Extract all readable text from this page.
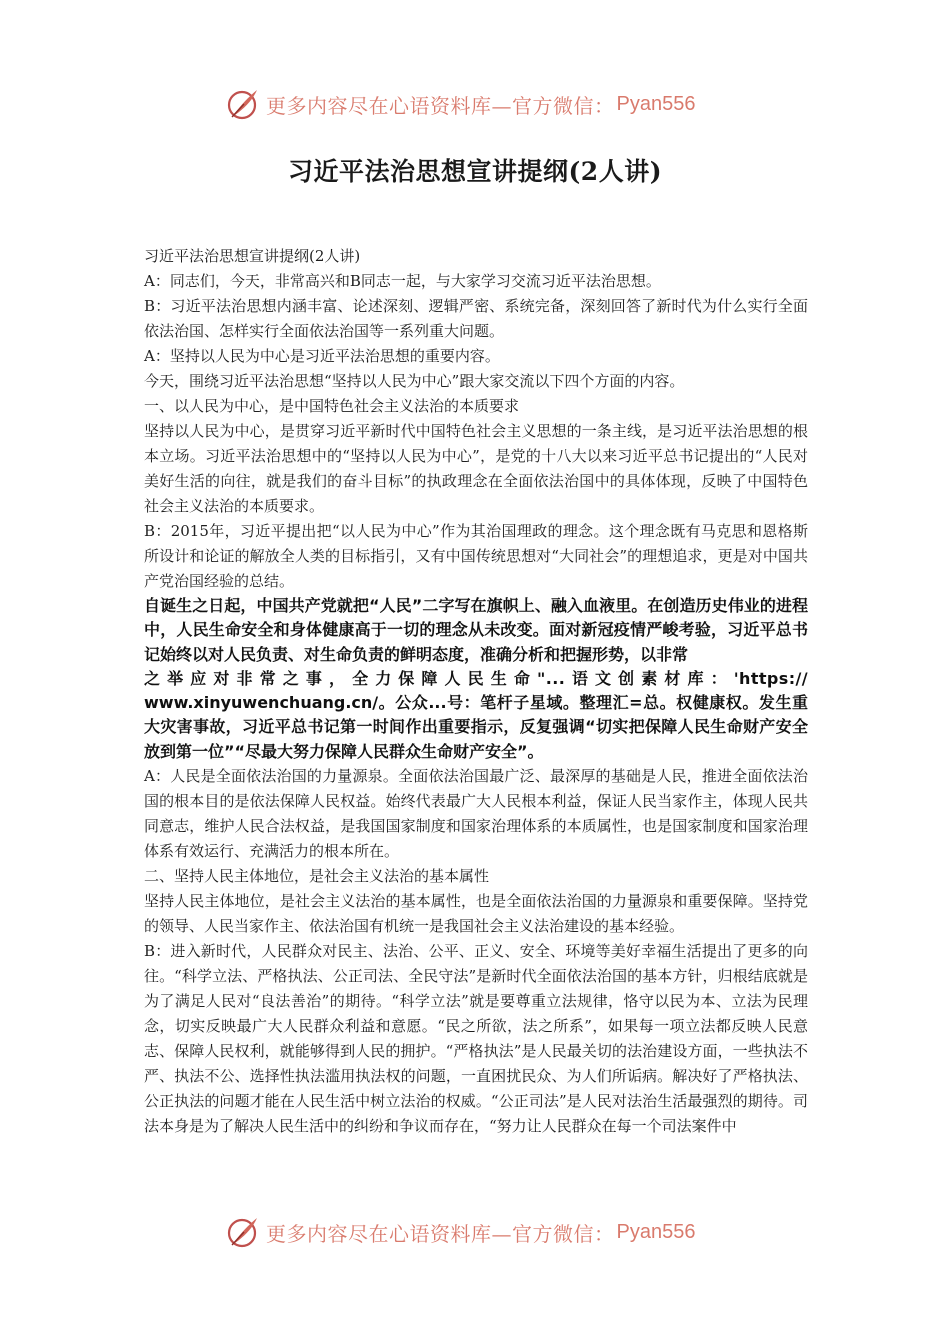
更多内容尽在心语资料库—官方微信： Pyan556
习近平法治思想宣讲提纲(2人讲)

习近平法治思想宣讲提纲(2人讲)

A：同志们，今天，非常高兴和B同志一起，与大家学习交流习近平法治思想。

B：习近平法治思想内涵丰富、论述深刻、逻辑严密、系统完备，深刻回答了新时代为什么实行全面依法治国、怎样实行全面依法治国等一系列重大问题。

A：坚持以人民为中心是习近平法治思想的重要内容。

今天，围绕习近平法治思想“坚持以人民为中心”跟大家交流以下四个方面的内容。

一、以人民为中心，是中国特色社会主义法治的本质要求

坚持以人民为中心，是贯穿习近平新时代中国特色社会主义思想的一条主线，是习近平法治思想的根本立场。习近平法治思想中的“坚持以人民为中心”，是党的十八大以来习近平总书记提出的“人民对美好生活的向往，就是我们的奋斗目标”的执政理念在全面依法治国中的具体体现，反映了中国特色社会主义法治的本质要求。

B：2015年，习近平提出把“以人民为中心”作为其治国理政的理念。这个理念既有马克思和恩格斯所设计和论证的解放全人类的目标指引，又有中国传统思想对“大同社会”的理想追求，更是对中国共产党治国经验的总结。

自诞生之日起，中国共产党就把“人民”二字写在旗帜上、融入血液里。在创造历史伟业的进程中，人民生命安全和身体健康高于一切的理念从未改变。面对新冠疫情严峻考验，习近平总书记始终以对人民负责、对生命负责的鲜明态度，准确分析和把握形势，以非常

之举应对非常之事，全力保障人民生命"...语文创素材库：'https://

www.xinyuwenchuang.cn/。公众...号：笔杆子星域。整理汇=总。权健康权。发生重大灾害事故，习近平总书记第一时间作出重要指示，反复强调“切实把保障人民生命财产安全放到第一位”“尽最大努力保障人民群众生命财产安全”。

A：人民是全面依法治国的力量源泉。全面依法治国最广泛、最深厚的基础是人民，推进全面依法治国的根本目的是依法保障人民权益。始终代表最广大人民根本利益，保证人民当家作主，体现人民共同意志，维护人民合法权益，是我国国家制度和国家治理体系的本质属性，也是国家制度和国家治理体系有效运行、充满活力的根本所在。

二、坚持人民主体地位，是社会主义法治的基本属性

坚持人民主体地位，是社会主义法治的基本属性，也是全面依法治国的力量源泉和重要保障。坚持党的领导、人民当家作主、依法治国有机统一是我国社会主义法治建设的基本经验。

B：进入新时代，人民群众对民主、法治、公平、正义、安全、环境等美好幸福生活提出了更多的向往。“科学立法、严格执法、公正司法、全民守法”是新时代全面依法治国的基本方针，归根结底就是为了满足人民对“良法善治”的期待。“科学立法”就是要尊重立法规律，恪守以民为本、立法为民理念，切实反映最广大人民群众利益和意愿。“民之所欲，法之所系”，如果每一项立法都反映人民意志、保障人民权利，就能够得到人民的拥护。“严格执法”是人民最关切的法治建设方面，一些执法不严、执法不公、选择性执法滥用执法权的问题，一直困扰民众、为人们所诟病。解决好了严格执法、公正执法的问题才能在人民生活中树立法治的权威。“公正司法”是人民对法治生活最强烈的期待。司法本身是为了解决人民生活中的纠纷和争议而存在，“努力让人民群众在每一个司法案件中

更多内容尽在心语资料库—官方微信： Pyan556
